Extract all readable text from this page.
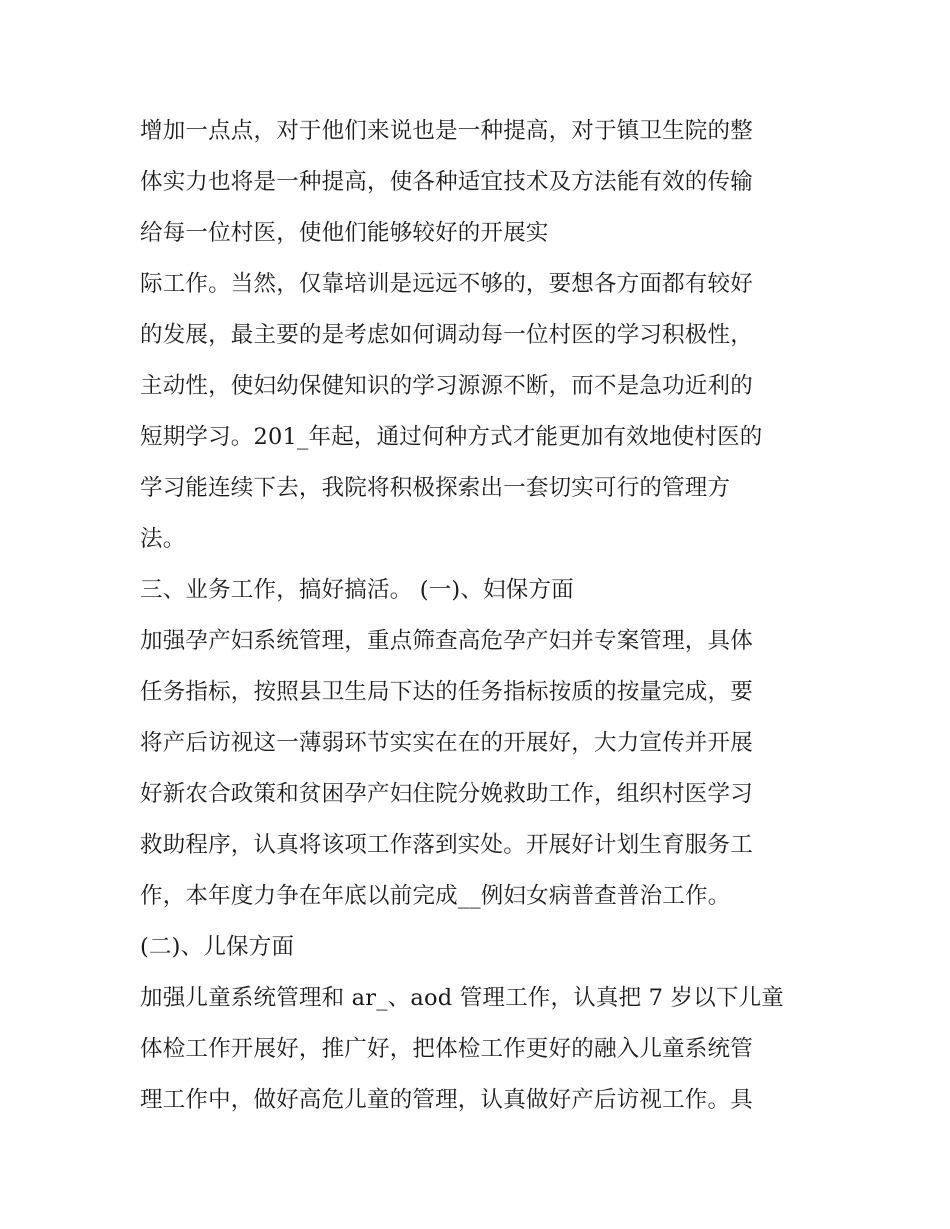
增加一点点，对于他们来说也是一种提高，对于镇卫生院的整
体实力也将是一种提高，使各种适宜技术及方法能有效的传输
给每一位村医，使他们能够较好的开展实
际工作。当然，仅靠培训是远远不够的，要想各方面都有较好
的发展，最主要的是考虑如何调动每一位村医的学习积极性，
主动性，使妇幼保健知识的学习源源不断，而不是急功近利的
短期学习。201_年起，通过何种方式才能更加有效地使村医的
学习能连续下去，我院将积极探索出一套切实可行的管理方
法。
三、业务工作，搞好搞活。 (一)、妇保方面
加强孕产妇系统管理，重点筛查高危孕产妇并专案管理，具体
任务指标，按照县卫生局下达的任务指标按质的按量完成，要
将产后访视这一薄弱环节实实在在的开展好，大力宣传并开展
好新农合政策和贫困孕产妇住院分娩救助工作，组织村医学习
救助程序，认真将该项工作落到实处。开展好计划生育服务工
作，本年度力争在年底以前完成__例妇女病普查普治工作。
(二)、儿保方面
加强儿童系统管理和 ar_、aod 管理工作，认真把 7 岁以下儿童
体检工作开展好，推广好，把体检工作更好的融入儿童系统管
理工作中，做好高危儿童的管理，认真做好产后访视工作。具
